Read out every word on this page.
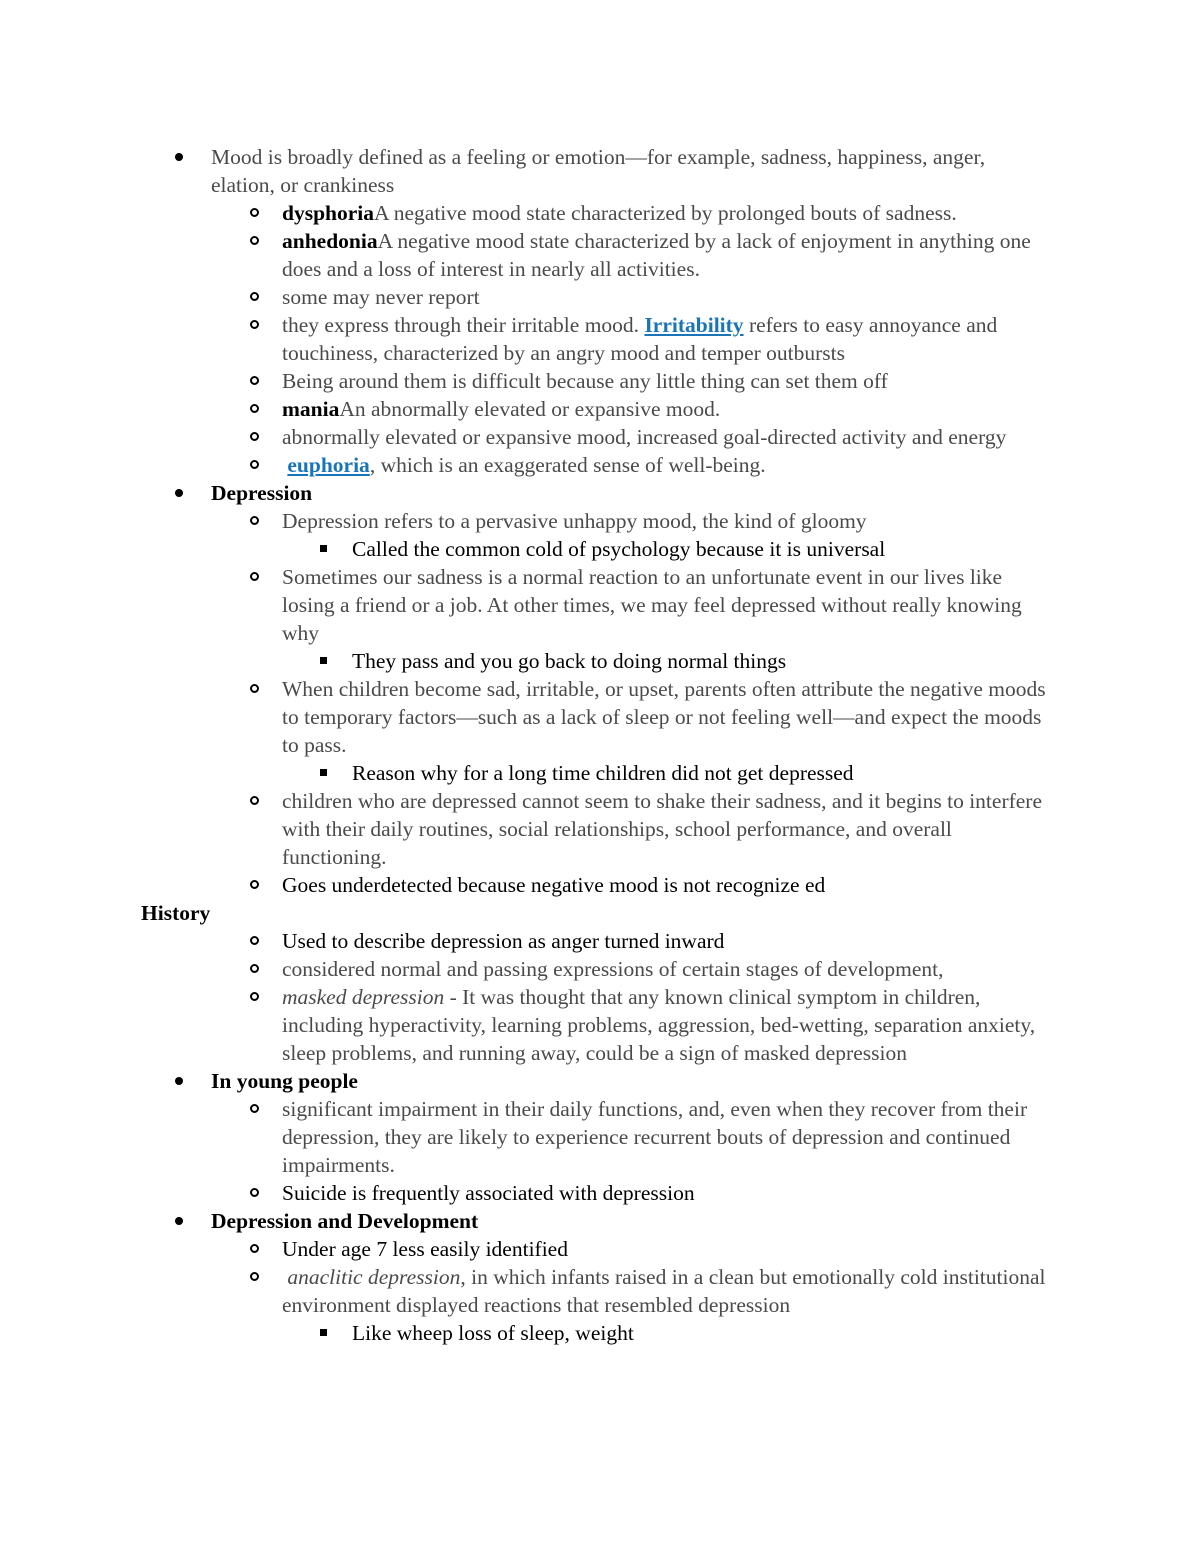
Mood is broadly defined as a feeling or emotion—for example, sadness, happiness, anger, elation, or crankiness
dysphoriaA negative mood state characterized by prolonged bouts of sadness.
anhedoniaA negative mood state characterized by a lack of enjoyment in anything one does and a loss of interest in nearly all activities.
some may never report
they express through their irritable mood. Irritability refers to easy annoyance and touchiness, characterized by an angry mood and temper outbursts
Being around them is difficult because any little thing can set them off
maniaAn abnormally elevated or expansive mood.
abnormally elevated or expansive mood, increased goal-directed activity and energy
euphoria, which is an exaggerated sense of well-being.
Depression
Depression refers to a pervasive unhappy mood, the kind of gloomy
Called the common cold of psychology because it is universal
Sometimes our sadness is a normal reaction to an unfortunate event in our lives like losing a friend or a job. At other times, we may feel depressed without really knowing why
They pass and you go back to doing normal things
When children become sad, irritable, or upset, parents often attribute the negative moods to temporary factors—such as a lack of sleep or not feeling well—and expect the moods to pass.
Reason why for a long time children did not get depressed
children who are depressed cannot seem to shake their sadness, and it begins to interfere with their daily routines, social relationships, school performance, and overall functioning.
Goes underdetected because negative mood is not recognize ed
History
Used to describe depression as anger turned inward
considered normal and passing expressions of certain stages of development,
masked depression - It was thought that any known clinical symptom in children, including hyperactivity, learning problems, aggression, bed-wetting, separation anxiety, sleep problems, and running away, could be a sign of masked depression
In young people
significant impairment in their daily functions, and, even when they recover from their depression, they are likely to experience recurrent bouts of depression and continued impairments.
Suicide is frequently associated with depression
Depression and Development
Under age 7 less easily identified
anaclitic depression, in which infants raised in a clean but emotionally cold institutional environment displayed reactions that resembled depression
Like wheep loss of sleep, weight
